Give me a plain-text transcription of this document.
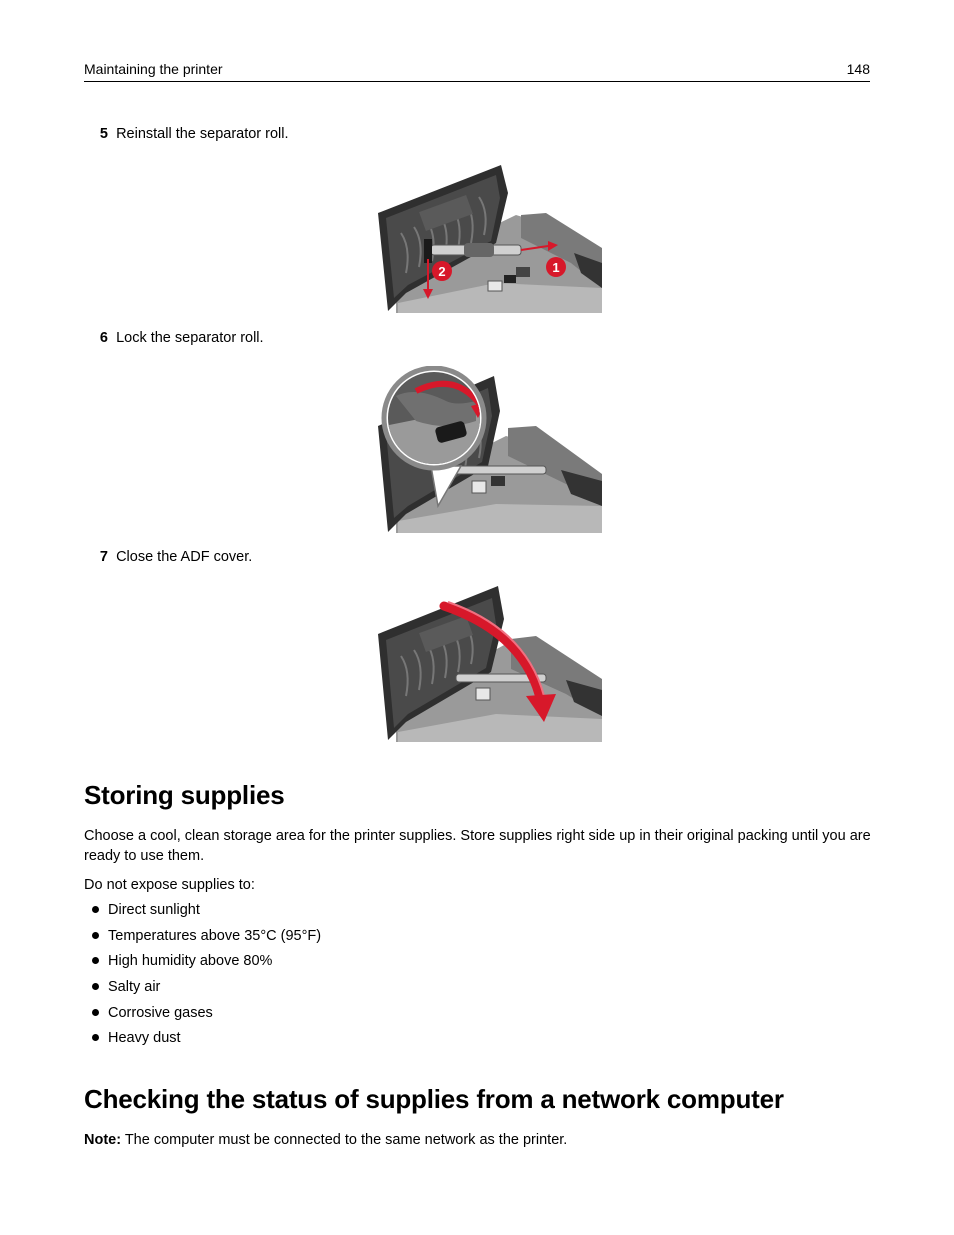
Maintaining the printer	148
5 Reinstall the separator roll.
2	1
6 Lock the separator roll.
7 Close the ADF cover.
Storing supplies

Choose a cool, clean storage area for the printer supplies. Store supplies right side up in their original packing until you are ready to use them.

Do not expose supplies to:

Direct sunlight
Temperatures above 35°C (95°F)
High humidity above 80%
Salty air
Corrosive gases
Heavy dust
Checking the status of supplies from a network computer

Note: The computer must be connected to the same network as the printer.
